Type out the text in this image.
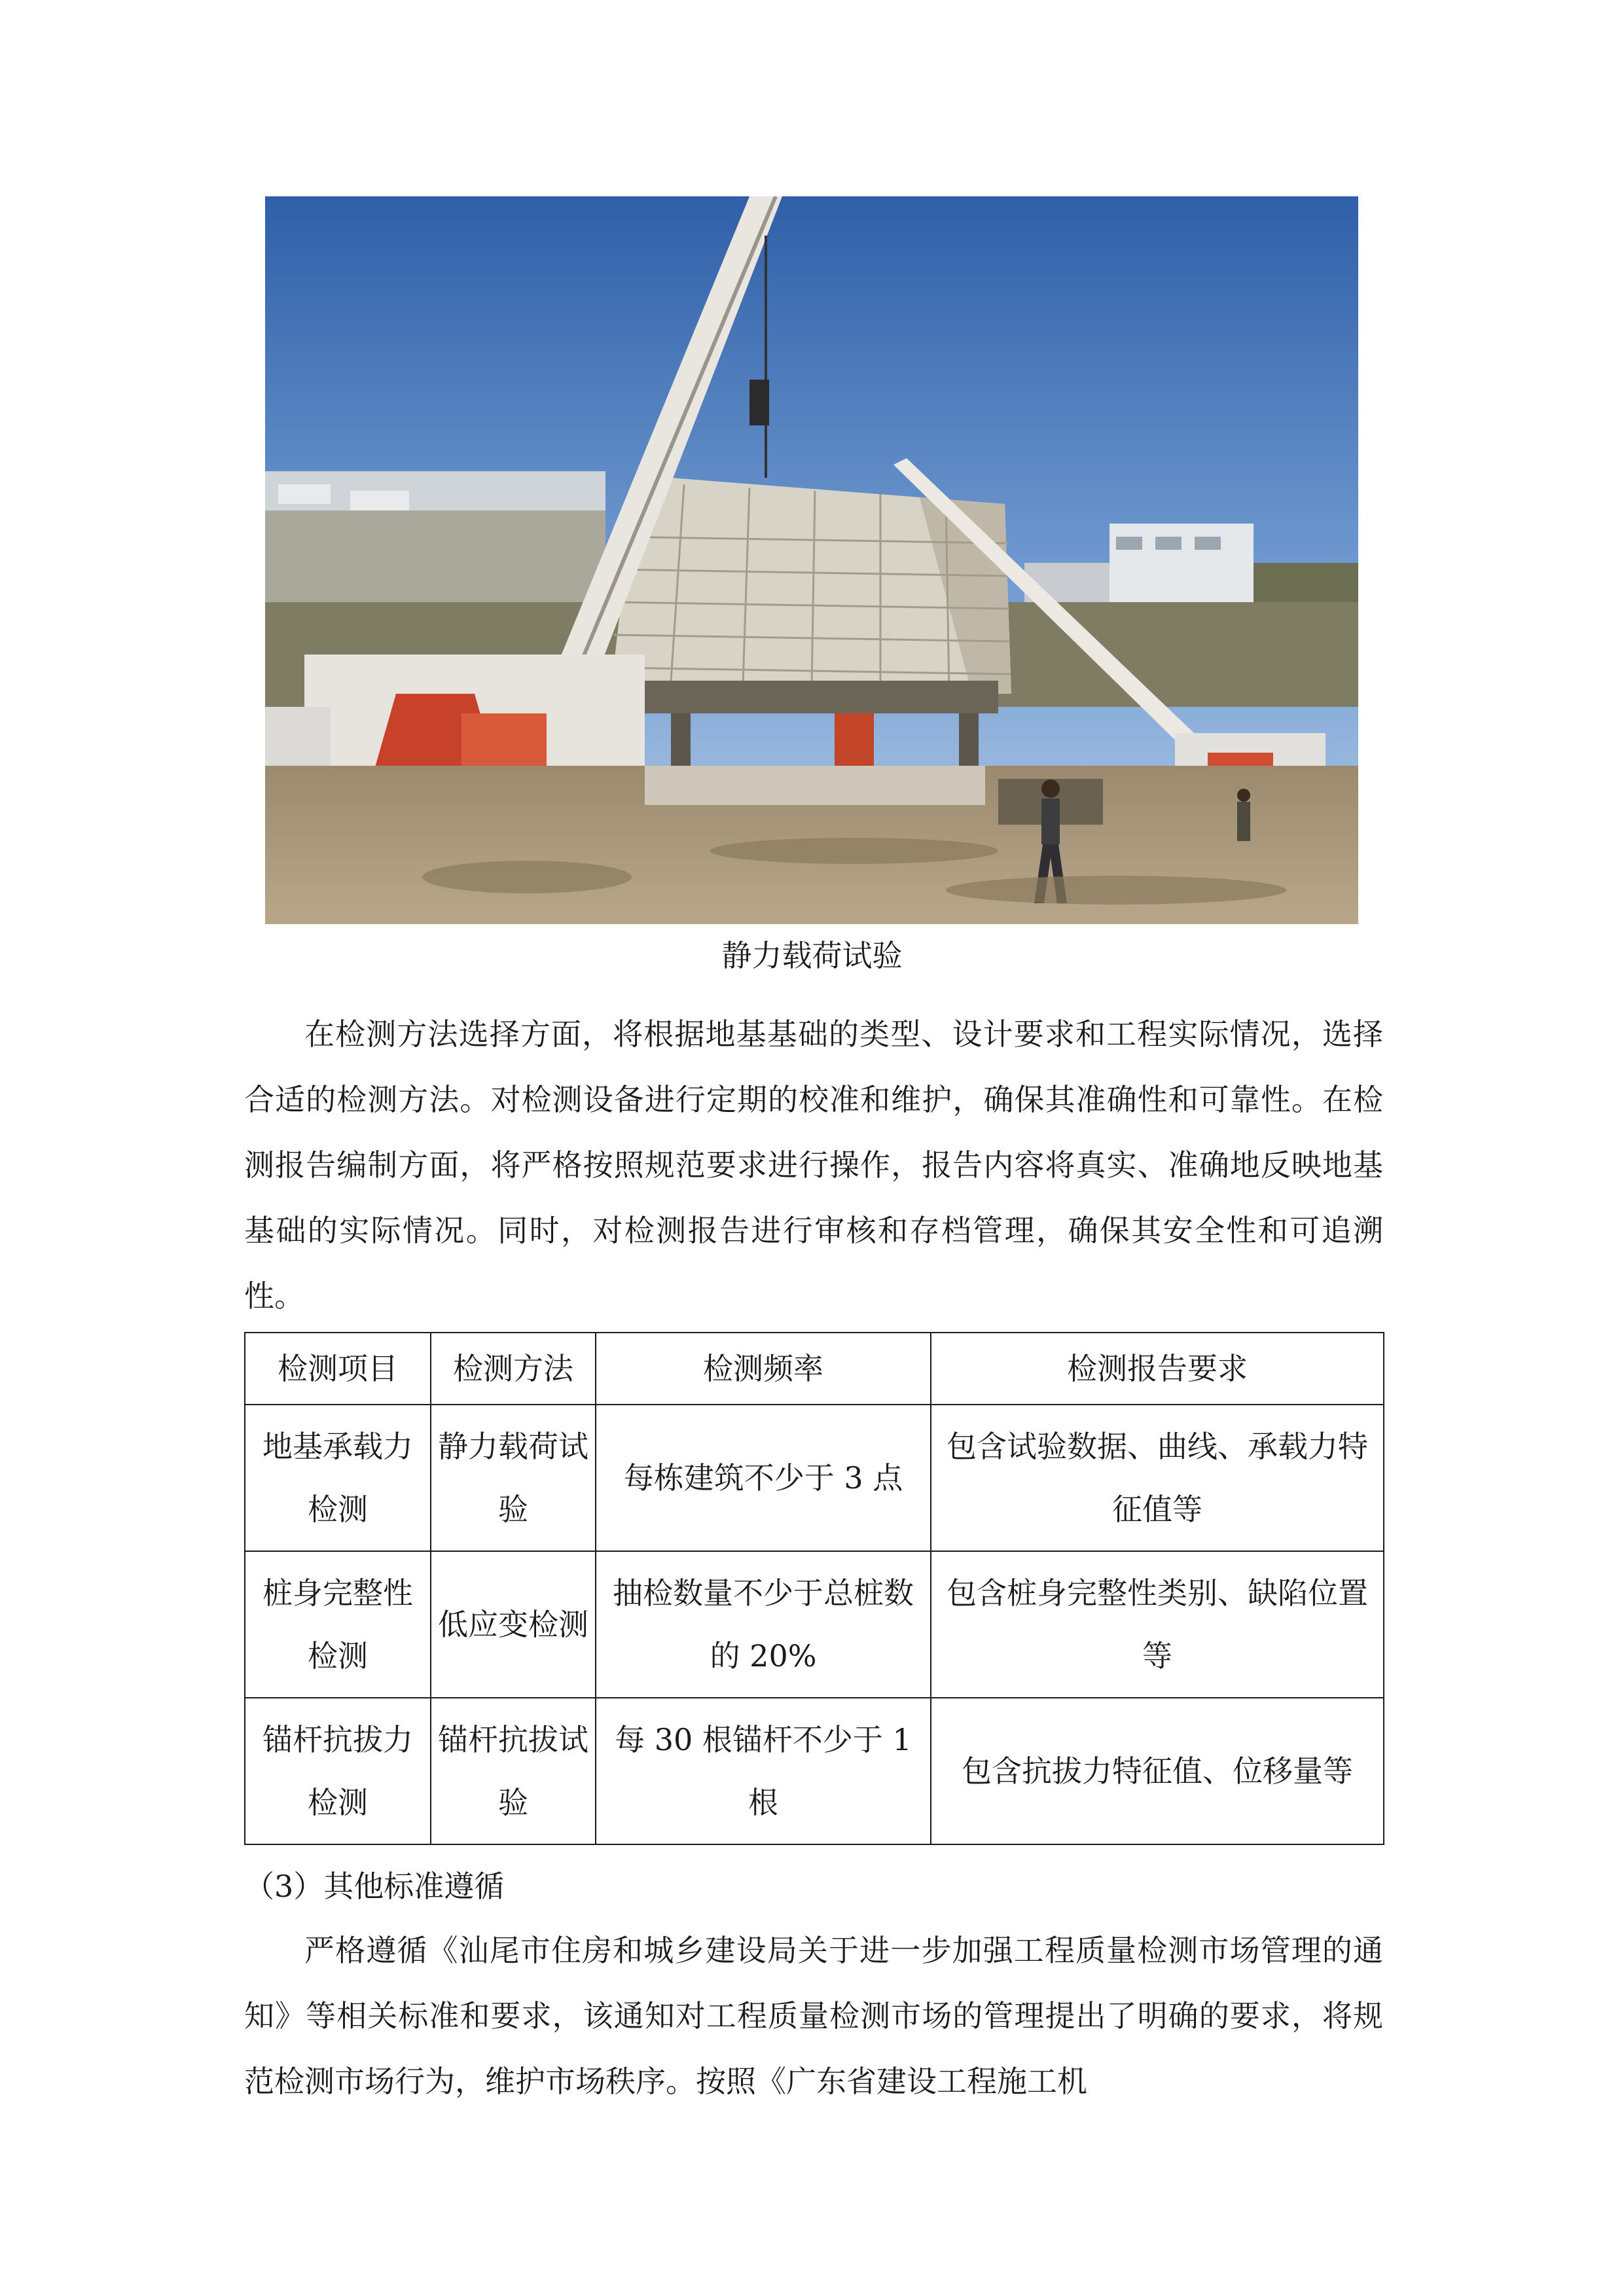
静力载荷试验

在检测方法选择方面，将根据地基基础的类型、设计要求和工程实际情况，选择合适的检测方法。对检测设备进行定期的校准和维护，确保其准确性和可靠性。在检测报告编制方面，将严格按照规范要求进行操作，报告内容将真实、准确地反映地基基础的实际情况。同时，对检测报告进行审核和存档管理，确保其安全性和可追溯性。

检测项目	检测方法	检测频率	检测报告要求
地基承载力检测	静力载荷试验	每栋建筑不少于 3 点	包含试验数据、曲线、承载力特征值等
桩身完整性检测	低应变检测	抽检数量不少于总桩数的 20%	包含桩身完整性类别、缺陷位置等
锚杆抗拔力检测	锚杆抗拔试验	每 30 根锚杆不少于 1 根	包含抗拔力特征值、位移量等

（3）其他标准遵循

严格遵循《汕尾市住房和城乡建设局关于进一步加强工程质量检测市场管理的通知》等相关标准和要求，该通知对工程质量检测市场的管理提出了明确的要求，将规范检测市场行为，维护市场秩序。按照《广东省建设工程施工机
